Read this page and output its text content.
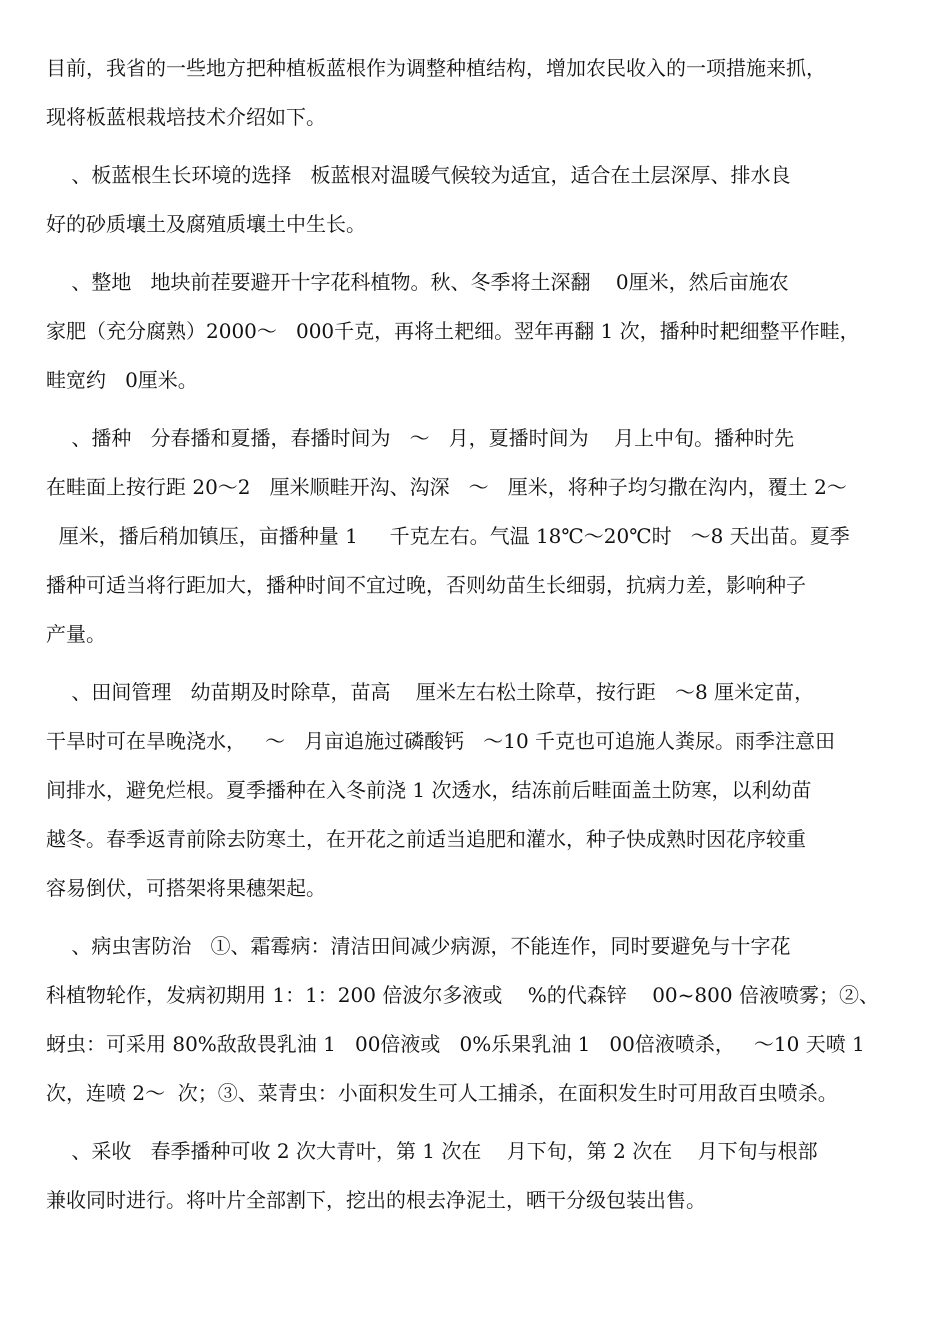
目前，我省的一些地方把种植板蓝根作为调整种植结构，增加农民收入的一项措施来抓，
现将板蓝根栽培技术介绍如下。
、板蓝根生长环境的选择   板蓝根对温暖气候较为适宜，适合在土层深厚、排水良
好的砂质壤土及腐殖质壤土中生长。
、整地   地块前茬要避开十字花科植物。秋、冬季将土深翻    0厘米，然后亩施农
家肥（充分腐熟）2000～   000千克，再将土耙细。翌年再翻 1 次，播种时耙细整平作畦，
畦宽约   0厘米。
、播种   分春播和夏播，春播时间为   ～   月，夏播时间为    月上中旬。播种时先
在畦面上按行距 20～2   厘米顺畦开沟、沟深   ～   厘米，将种子均匀撒在沟内，覆土 2～
厘米，播后稍加镇压，亩播种量 1     千克左右。气温 18℃～20℃时   ～8 天出苗。夏季
播种可适当将行距加大，播种时间不宜过晚，否则幼苗生长细弱，抗病力差，影响种子
产量。
、田间管理   幼苗期及时除草，苗高    厘米左右松土除草，按行距   ～8 厘米定苗，
干旱时可在旱晚浇水，   ～   月亩追施过磷酸钙   ～10 千克也可追施人粪尿。雨季注意田
间排水，避免烂根。夏季播种在入冬前浇 1 次透水，结冻前后畦面盖土防寒，以利幼苗
越冬。春季返青前除去防寒土，在开花之前适当追肥和灌水，种子快成熟时因花序较重
容易倒伏，可搭架将果穗架起。
、病虫害防治   ①、霜霉病：清洁田间减少病源，不能连作，同时要避免与十字花
科植物轮作，发病初期用 1：1：200 倍波尔多液或    %的代森锌    00~800 倍液喷雾；②、
蚜虫：可采用 80%敌敌畏乳油 1   00倍液或   0%乐果乳油 1   00倍液喷杀，   ～10 天喷 1
次，连喷 2～  次；③、菜青虫：小面积发生可人工捕杀，在面积发生时可用敌百虫喷杀。
、采收   春季播种可收 2 次大青叶，第 1 次在    月下旬，第 2 次在    月下旬与根部
兼收同时进行。将叶片全部割下，挖出的根去净泥土，晒干分级包装出售。
